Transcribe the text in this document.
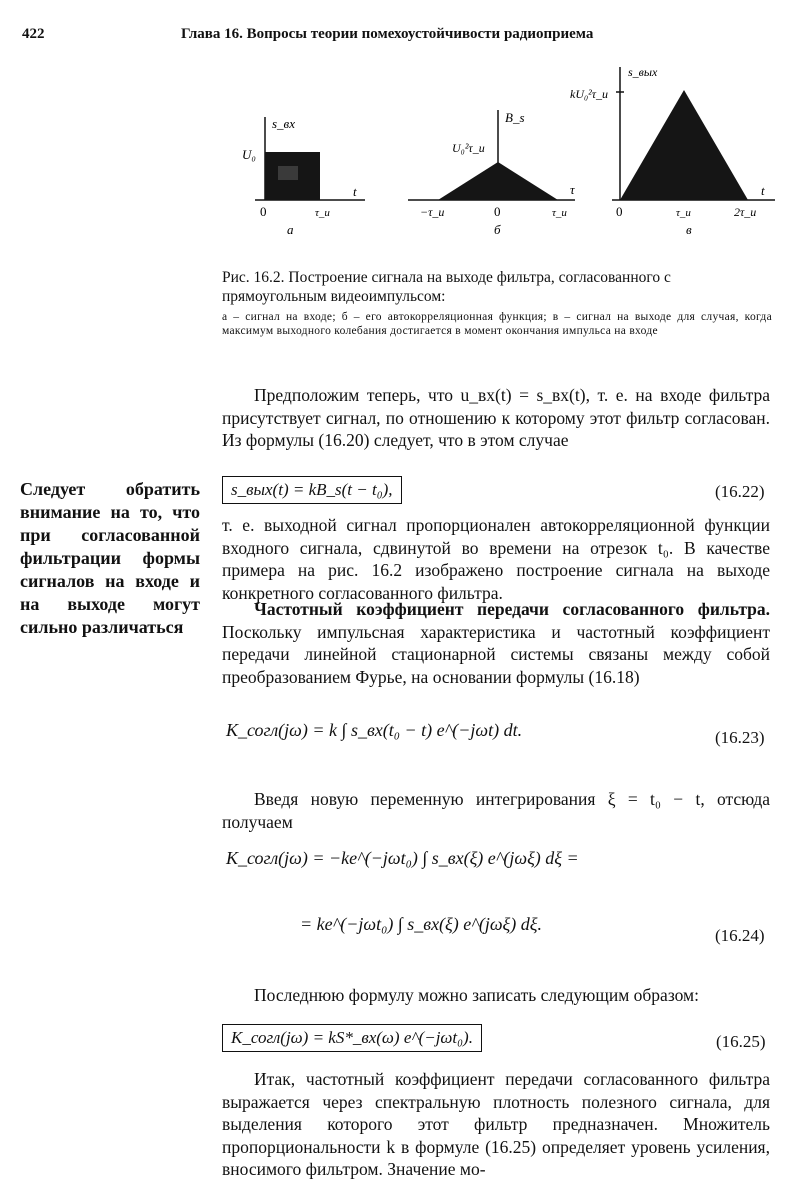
422	Глава 16. Вопросы теории помехоустойчивости радиоприема
s_вх
U₀
0
t
τ_и
а
B_s
U₀²τ_и
−τ_и	0	τ_и
τ
б
s_вых
kU₀²τ_и
0	τ_и	2τ_и
t
в

Рис. 16.2. Построение сигнала на выходе фильтра, согласованного с прямоугольным видеоимпульсом:

а – сигнал на входе; б – его автокорреляционная функция; в – сигнал на выходе для случая, когда максимум выходного колебания достигается в момент окончания импульса на входе

Предположим теперь, что u_вх(t) = s_вх(t), т. е. на входе фильтра присутствует сигнал, по отношению к которому этот фильтр согласован. Из формулы (16.20) следует, что в этом случае

Следует обратить внимание на то, что при согласованной фильтрации формы сигналов на входе и на выходе могут сильно различаться

s_вых(t) = kB_s(t − t₀),	(16.22)

т. е. выходной сигнал пропорционален автокорреляционной функции входного сигнала, сдвинутой во времени на отрезок t₀. В качестве примера на рис. 16.2 изображено построение сигнала на выходе конкретного согласованного фильтра.

Частотный коэффициент передачи согласованного фильтра. Поскольку импульсная характеристика и частотный коэффициент передачи линейной стационарной системы связаны между собой преобразованием Фурье, на основании формулы (16.18)

K_согл(jω) = k ∫ s_вх(t₀ − t) e^(−jωt) dt.	(16.23)

Введя новую переменную интегрирования ξ = t₀ − t, отсюда получаем

K_согл(jω) = −ke^(−jωt₀) ∫ s_вх(ξ) e^(jωξ) dξ =
= ke^(−jωt₀) ∫ s_вх(ξ) e^(jωξ) dξ.
(16.24)

Последнюю формулу можно записать следующим образом:

K_согл(jω) = kS*_вх(ω) e^(−jωt₀).	(16.25)

Итак, частотный коэффициент передачи согласованного фильтра выражается через спектральную плотность полезного сигнала, для выделения которого этот фильтр предназначен. Множитель пропорциональности k в формуле (16.25) определяет уровень усиления, вносимого фильтром. Значение мо-
